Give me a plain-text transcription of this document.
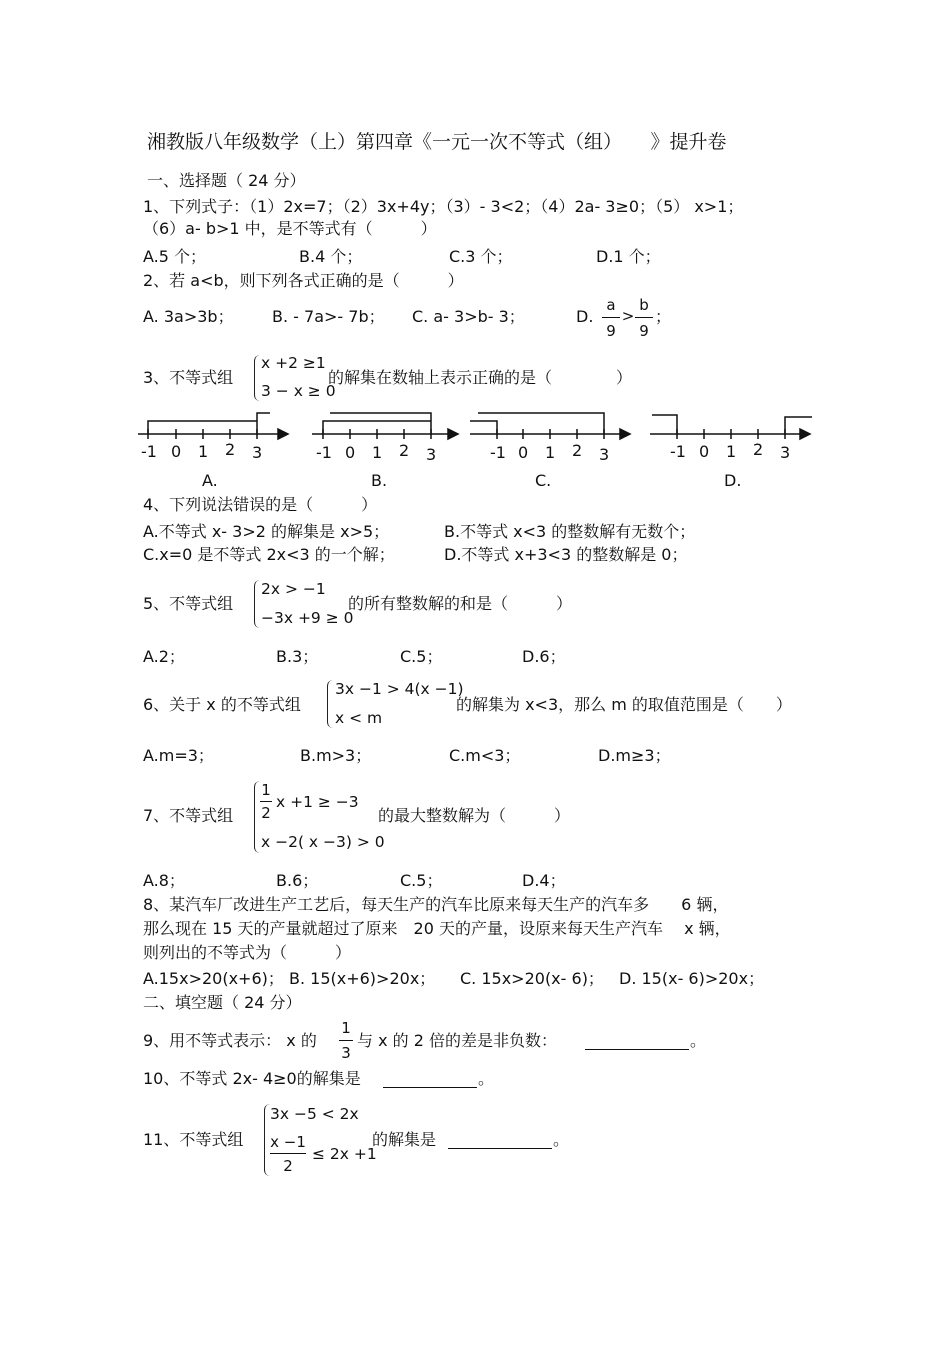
湘教版八年级数学（上）第四章《一元一次不等式（组）　　》提升卷
一、选择题（ 24 分）
1、下列式子：（1）2x=7；（2）3x+4y；（3）- 3<2；（4）2a- 3≥0；（5） x>1；
（6）a- b>1 中，是不等式有（　　　）
A.5 个；	B.4 个；	C.3 个；	D.1 个；
2、若 a<b，则下列各式正确的是（　　　）
A. 3a>3b； B. - 7a>- 7b； C. a- 3>b- 3；	D.
a
9
>
b
9
；
3、不等式组
x +2 ≥1
3 − x ≥ 0
的解集在数轴上表示正确的是（　　　　）
-1 0 1 2 3	-1 0 1 2 3	-1 0 1 2 3	-1 0 1 2 3
A.	B.	C.	D.
4、下列说法错误的是（　　　）
A.不等式 x- 3>2 的解集是 x>5；	B.不等式 x<3 的整数解有无数个；
C.x=0 是不等式 2x<3 的一个解；	D.不等式 x+3<3 的整数解是 0；
5、不等式组
2x > −1
−3x +9 ≥ 0
的所有整数解的和是（　　　）
A.2；	B.3；	C.5；	D.6；
6、关于 x 的不等式组
3x −1 > 4(x −1)
x < m
的解集为 x<3，那么 m 的取值范围是（　　）
A.m=3；	B.m>3；	C.m<3；	D.m≥3；
7、不等式组
1
2
x +1 ≥ −3
x −2( x −3) > 0
的最大整数解为（　　　）
A.8；	B.6；	C.5；	D.4；
8、某汽车厂改进生产工艺后，每天生产的汽车比原来每天生产的汽车多　　6 辆，
那么现在 15 天的产量就超过了原来　20 天的产量，设原来每天生产汽车　 x 辆，
则列出的不等式为（　　　）
A.15x>20(x+6)； B. 15(x+6)>20x； C. 15x>20(x- 6)； D. 15(x- 6)>20x；
二、填空题（ 24 分）
9、用不等式表示： x 的
1
3
与 x 的 2 倍的差是非负数：	。
10、不等式 2x- 4≥0的解集是	。
11、不等式组
3x −5 < 2x
x −1
2
≤ 2x +1
的解集是	。
